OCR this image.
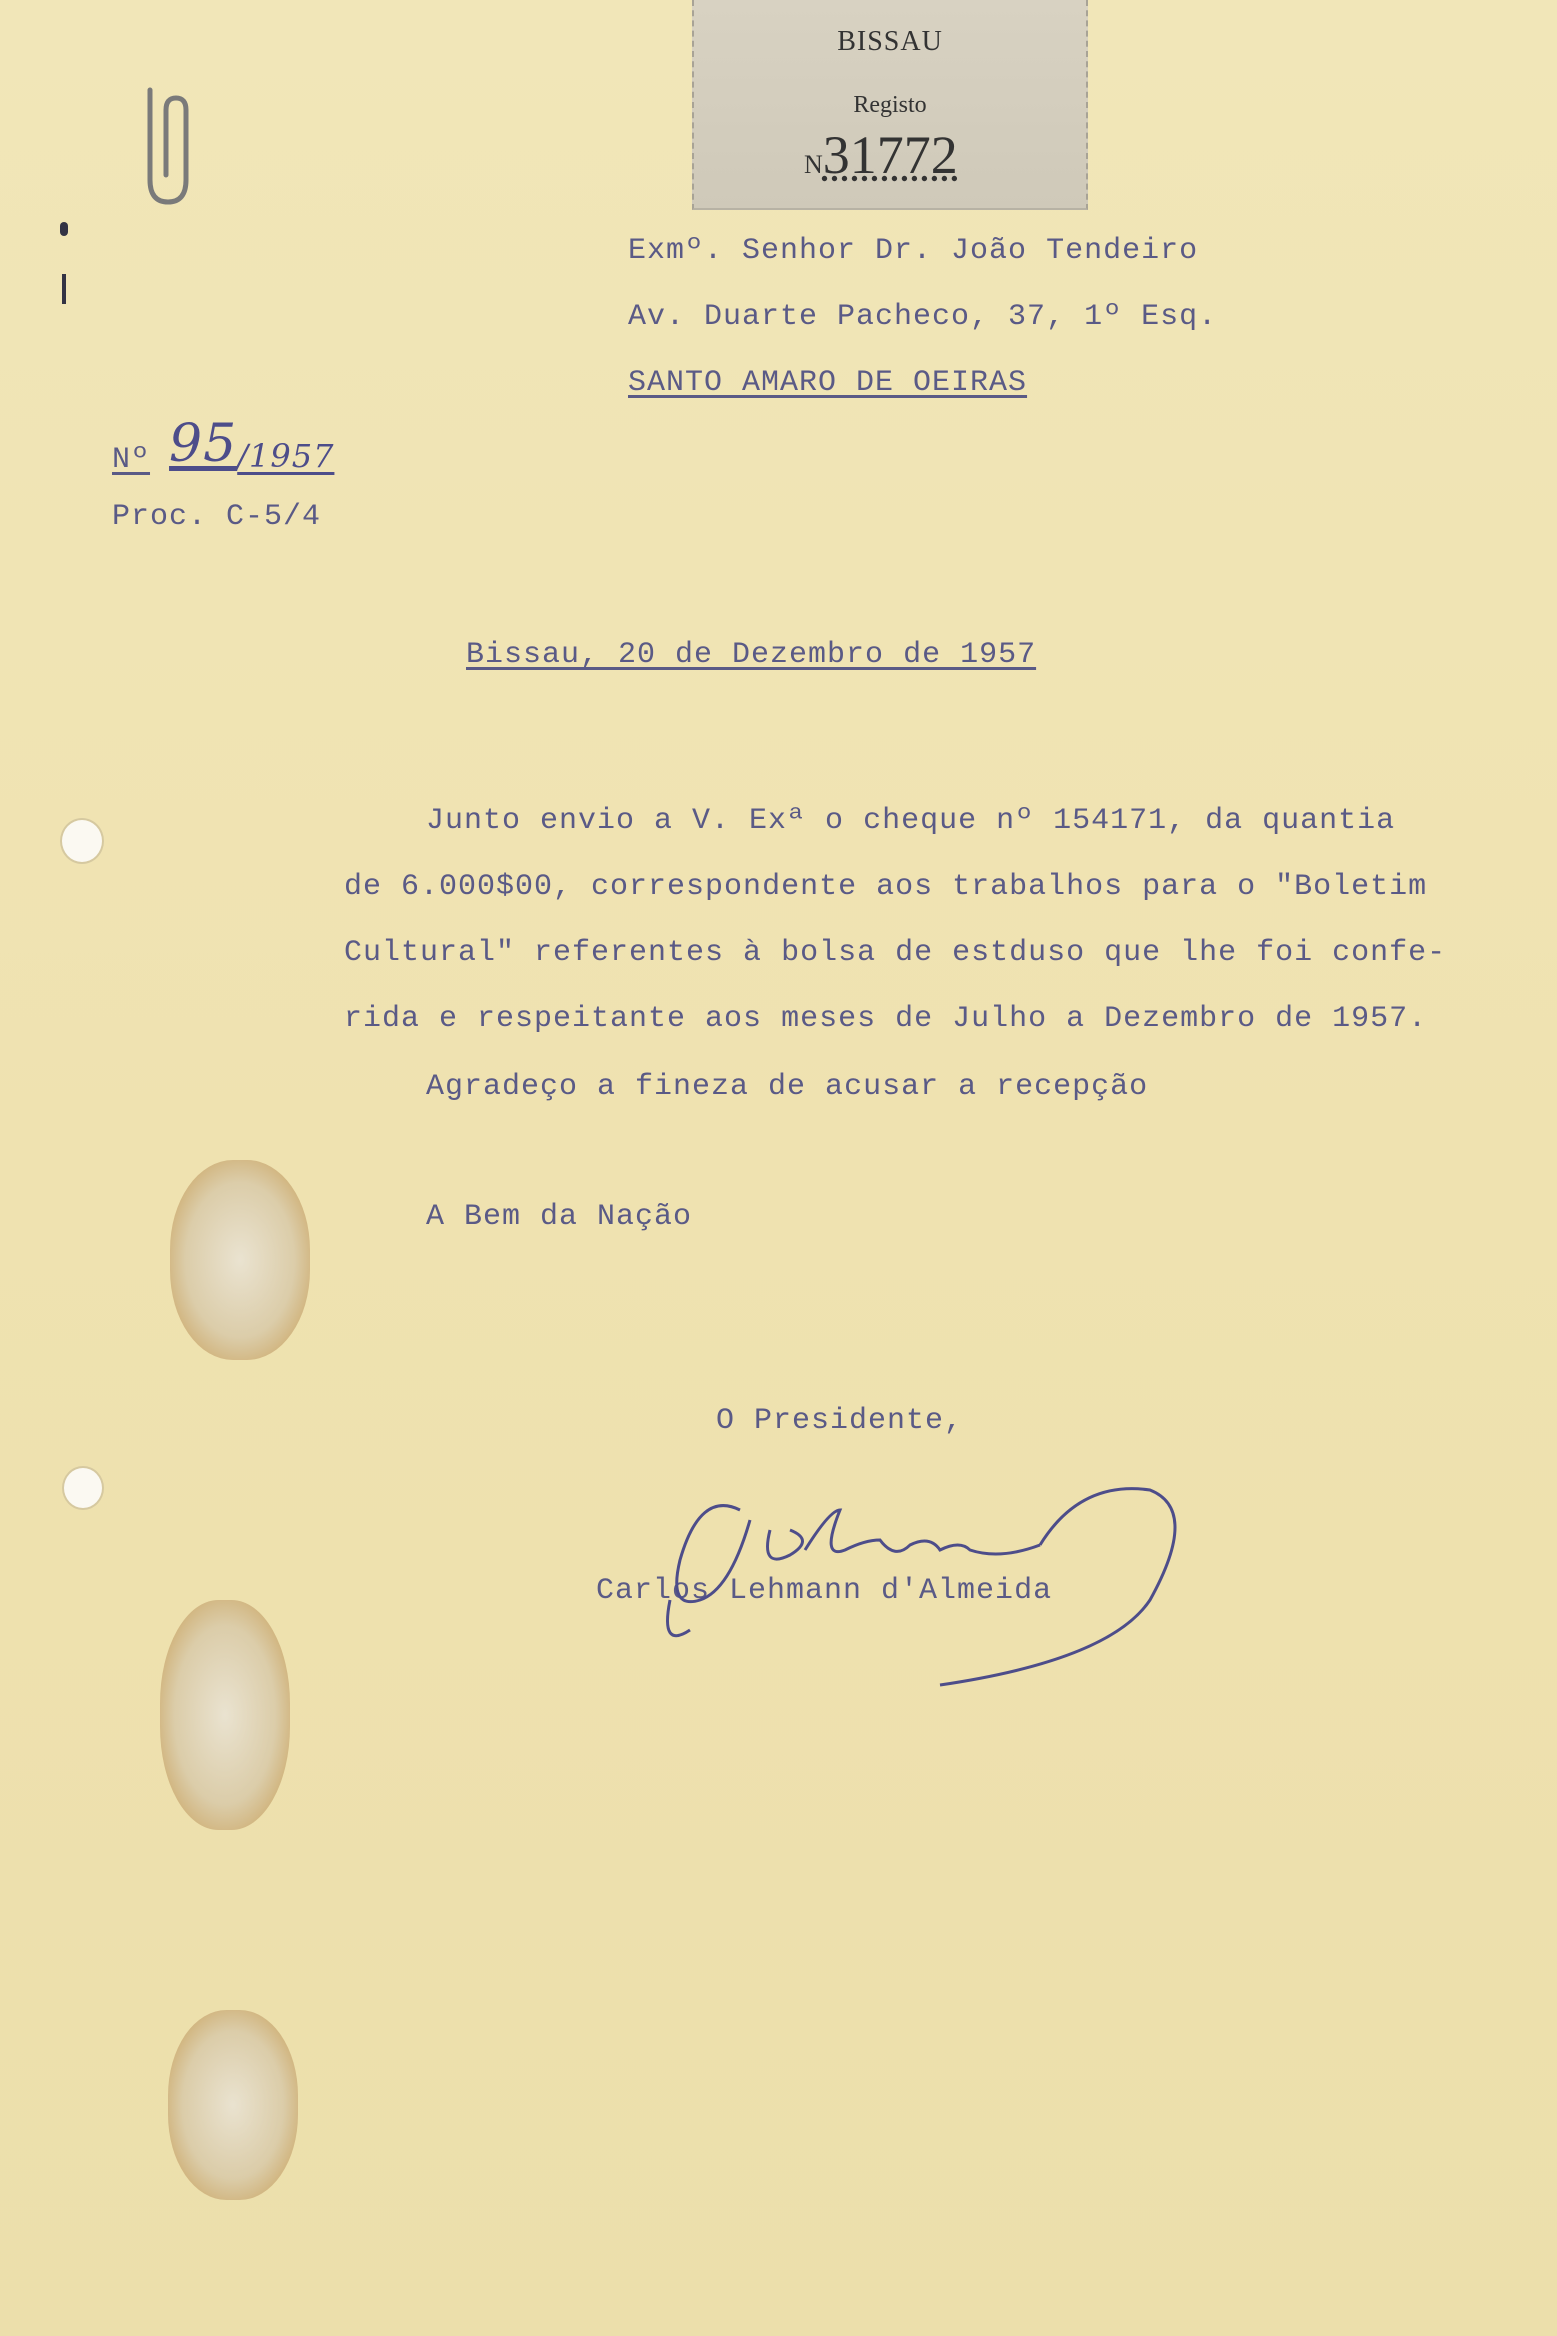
BISSAU
Registo
N31772
Exmº. Senhor Dr. João Tendeiro
Av. Duarte Pacheco, 37, 1º Esq.
SANTO AMARO DE OEIRAS
Nº 95/1957
Proc. C-5/4
Bissau, 20 de Dezembro de 1957
Junto envio a V. Exª o cheque nº 154171, da quantia
de 6.000$00, correspondente aos trabalhos para o "Boletim
Cultural" referentes à bolsa de estduso que lhe foi confe-
rida e respeitante aos meses de Julho a Dezembro de 1957.
Agradeço a fineza de acusar a recepção
A Bem da Nação
O Presidente,
Carlos Lehmann d'Almeida
